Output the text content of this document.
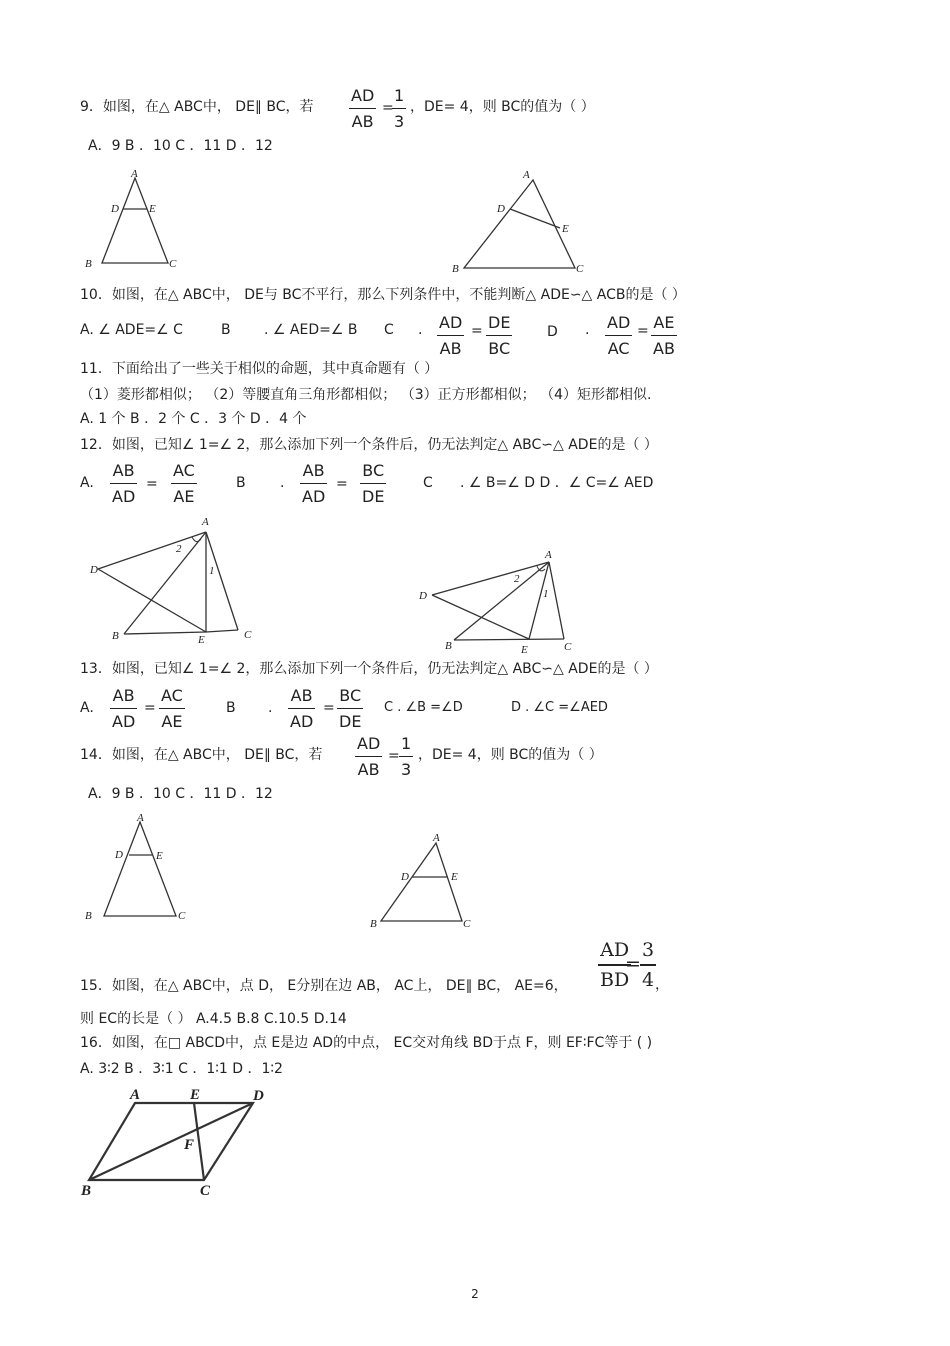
9．如图，在△ ABC中， DE∥ BC，若
AD
AB
=
1
3
，DE= 4，则 BC的值为（ ）
A．9 B ．10 C ．11 D ．12
A
D	E
B	C
A
D
E
B	C
10．如图，在△ ABC中， DE与 BC不平行，那么下列条件中，不能判断△ ADE∽△ ACB的是（ ）
A. ∠ ADE=∠ C	B . ∠ AED=∠ B C . AD
AB
= DE
BC
D . AD
AC
= AE
AB
11．下面给出了一些关于相似的命题，其中真命题有（ ）
（1）菱形都相似； （2）等腰直角三角形都相似； （3）正方形都相似； （4）矩形都相似.
A. 1 个 B ．2 个 C ．3 个 D ．4 个
12．如图，已知∠ 1=∠ 2，那么添加下列一个条件后，仍无法判定△ ABC∽△ ADE的是（ ）
A.
AB
AD
=
AC
AE
B .
AB
AD
=
BC
DE
C . ∠ B=∠ D D ．∠ C=∠ AED
A
2
1
D
B	E	C
A
2
1
D
B	E	C
13．如图，已知∠ 1=∠ 2，那么添加下列一个条件后，仍无法判定△ ABC∽△ ADE的是（ ）
A.
AB
AD
=
AC
AE
B .
AB
AD
=
BC
DE
C . ∠B =∠D	D . ∠C =∠AED
14．如图，在△ ABC中， DE∥ BC，若
AD
AB
=
1
3
，DE= 4，则 BC的值为（ ）
A．9 B ．10 C ．11 D ．12
A
D	E
B	C
A
D	E
B	C
15．如图，在△ ABC中，点 D， E分别在边 AB， AC上， DE∥ BC， AE=6，
AD
BD
=
3
4 ，
则 EC的长是（ ） A.4.5 B.8 C.10.5 D.14
16．如图，在□ ABCD中，点 E是边 AD的中点， EC交对角线 BD于点 F，则 EF∶FC等于 ( )
A. 3∶2 B ．3∶1 C ．1∶1 D ．1∶2
A	E	D
F
B	C
2
